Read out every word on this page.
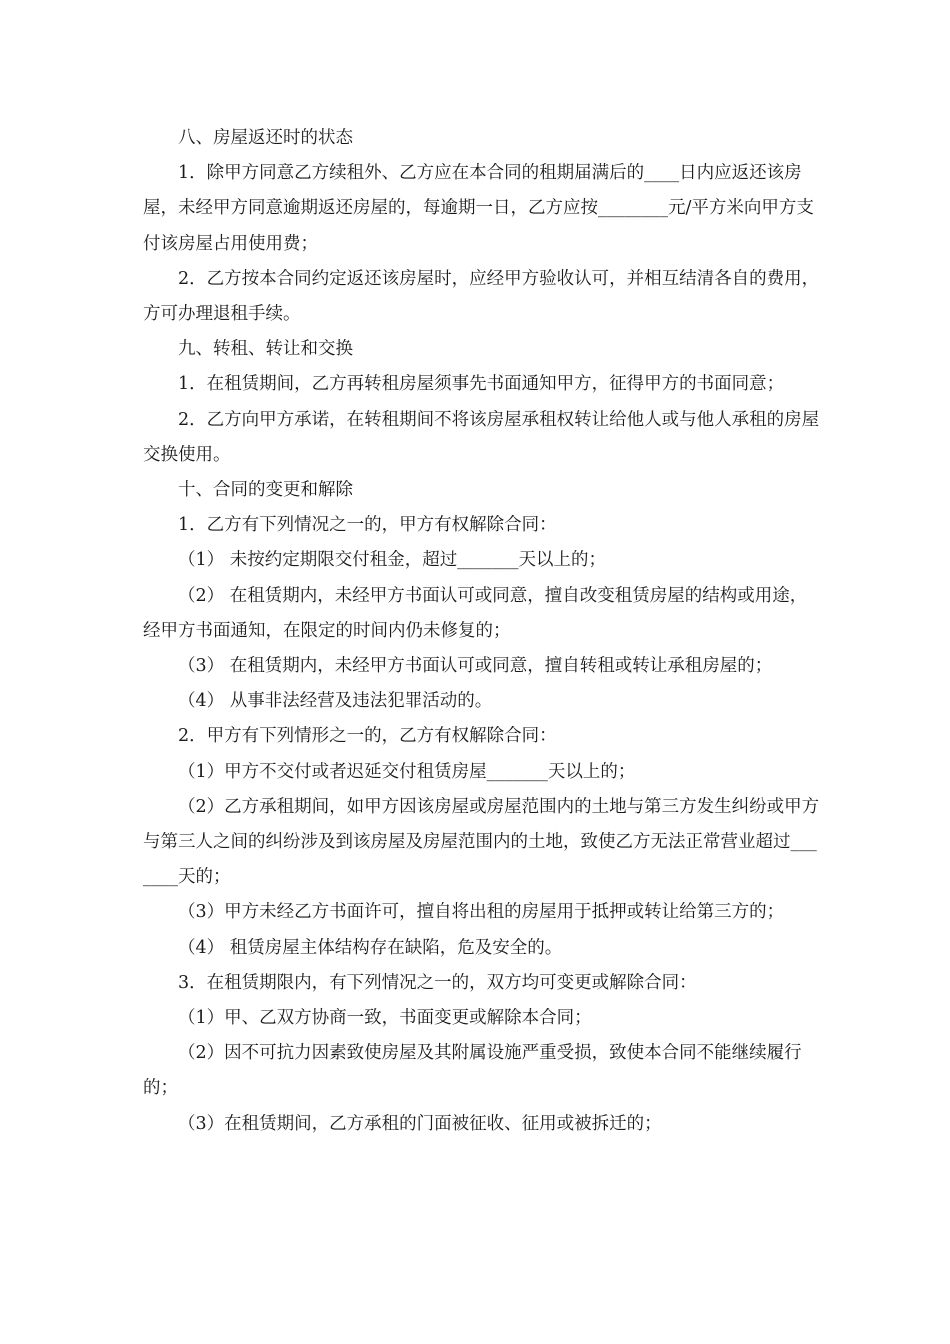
八、房屋返还时的状态

1．除甲方同意乙方续租外、乙方应在本合同的租期届满后的____日内应返还该房屋，未经甲方同意逾期返还房屋的，每逾期一日，乙方应按________元/平方米向甲方支付该房屋占用使用费；

2．乙方按本合同约定返还该房屋时，应经甲方验收认可，并相互结清各自的费用，方可办理退租手续。

九、转租、转让和交换

1．在租赁期间，乙方再转租房屋须事先书面通知甲方，征得甲方的书面同意；

2．乙方向甲方承诺，在转租期间不将该房屋承租权转让给他人或与他人承租的房屋交换使用。

十、合同的变更和解除

1．乙方有下列情况之一的，甲方有权解除合同：

（1） 未按约定期限交付租金，超过_______天以上的；

（2） 在租赁期内，未经甲方书面认可或同意，擅自改变租赁房屋的结构或用途，经甲方书面通知，在限定的时间内仍未修复的；

（3） 在租赁期内，未经甲方书面认可或同意，擅自转租或转让承租房屋的；

（4） 从事非法经营及违法犯罪活动的。

2．甲方有下列情形之一的，乙方有权解除合同：

（1）甲方不交付或者迟延交付租赁房屋_______天以上的；

（2）乙方承租期间，如甲方因该房屋或房屋范围内的土地与第三方发生纠纷或甲方与第三人之间的纠纷涉及到该房屋及房屋范围内的土地，致使乙方无法正常营业超过_______天的；

（3）甲方未经乙方书面许可，擅自将出租的房屋用于抵押或转让给第三方的；

（4） 租赁房屋主体结构存在缺陷，危及安全的。

3．在租赁期限内，有下列情况之一的，双方均可变更或解除合同：

（1）甲、乙双方协商一致，书面变更或解除本合同；

（2）因不可抗力因素致使房屋及其附属设施严重受损，致使本合同不能继续履行的；

（3）在租赁期间，乙方承租的门面被征收、征用或被拆迁的；
